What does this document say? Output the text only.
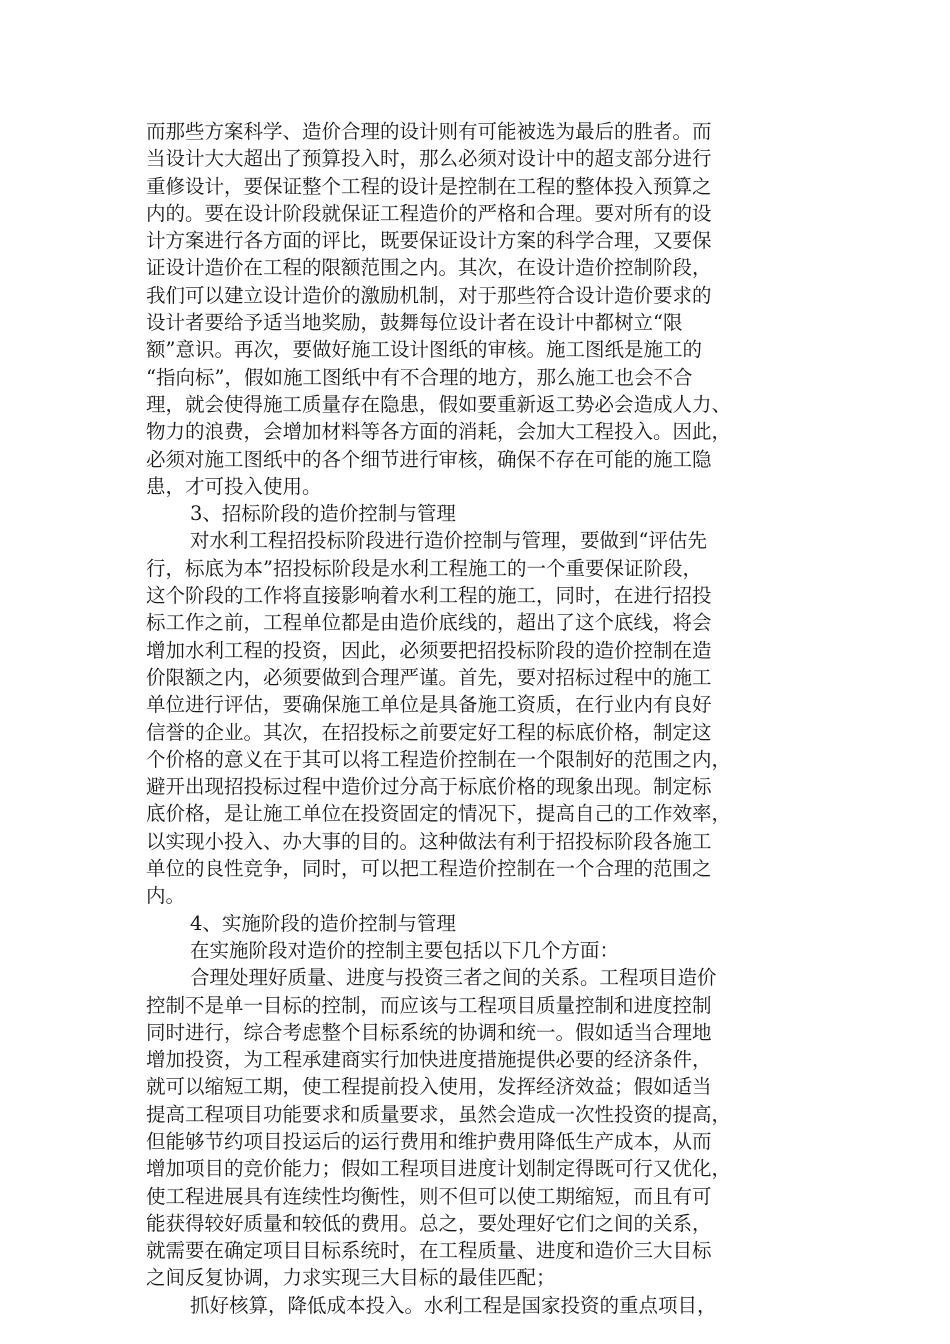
而那些方案科学、造价合理的设计则有可能被选为最后的胜者。而
当设计大大超出了预算投入时，那么必须对设计中的超支部分进行
重修设计，要保证整个工程的设计是控制在工程的整体投入预算之
内的。要在设计阶段就保证工程造价的严格和合理。要对所有的设
计方案进行各方面的评比，既要保证设计方案的科学合理，又要保
证设计造价在工程的限额范围之内。其次，在设计造价控制阶段，
我们可以建立设计造价的激励机制，对于那些符合设计造价要求的
设计者要给予适当地奖励，鼓舞每位设计者在设计中都树立“限
额”意识。再次，要做好施工设计图纸的审核。施工图纸是施工的
“指向标”，假如施工图纸中有不合理的地方，那么施工也会不合
理，就会使得施工质量存在隐患，假如要重新返工势必会造成人力、
物力的浪费，会增加材料等各方面的消耗，会加大工程投入。因此，
必须对施工图纸中的各个细节进行审核，确保不存在可能的施工隐
患，才可投入使用。
3、招标阶段的造价控制与管理
对水利工程招投标阶段进行造价控制与管理，要做到“评估先
行，标底为本”招投标阶段是水利工程施工的一个重要保证阶段，
这个阶段的工作将直接影响着水利工程的施工，同时，在进行招投
标工作之前，工程单位都是由造价底线的，超出了这个底线，将会
增加水利工程的投资，因此，必须要把招投标阶段的造价控制在造
价限额之内，必须要做到合理严谨。首先，要对招标过程中的施工
单位进行评估，要确保施工单位是具备施工资质，在行业内有良好
信誉的企业。其次，在招投标之前要定好工程的标底价格，制定这
个价格的意义在于其可以将工程造价控制在一个限制好的范围之内，
避开出现招投标过程中造价过分高于标底价格的现象出现。制定标
底价格，是让施工单位在投资固定的情况下，提高自己的工作效率，
以实现小投入、办大事的目的。这种做法有利于招投标阶段各施工
单位的良性竞争，同时，可以把工程造价控制在一个合理的范围之
内。
4、实施阶段的造价控制与管理
在实施阶段对造价的控制主要包括以下几个方面：
合理处理好质量、进度与投资三者之间的关系。工程项目造价
控制不是单一目标的控制，而应该与工程项目质量控制和进度控制
同时进行，综合考虑整个目标系统的协调和统一。假如适当合理地
增加投资，为工程承建商实行加快进度措施提供必要的经济条件，
就可以缩短工期，使工程提前投入使用，发挥经济效益；假如适当
提高工程项目功能要求和质量要求，虽然会造成一次性投资的提高，
但能够节约项目投运后的运行费用和维护费用降低生产成本，从而
增加项目的竞价能力；假如工程项目进度计划制定得既可行又优化，
使工程进展具有连续性均衡性，则不但可以使工期缩短，而且有可
能获得较好质量和较低的费用。总之，要处理好它们之间的关系，
就需要在确定项目目标系统时，在工程质量、进度和造价三大目标
之间反复协调，力求实现三大目标的最佳匹配；
抓好核算，降低成本投入。水利工程是国家投资的重点项目，
